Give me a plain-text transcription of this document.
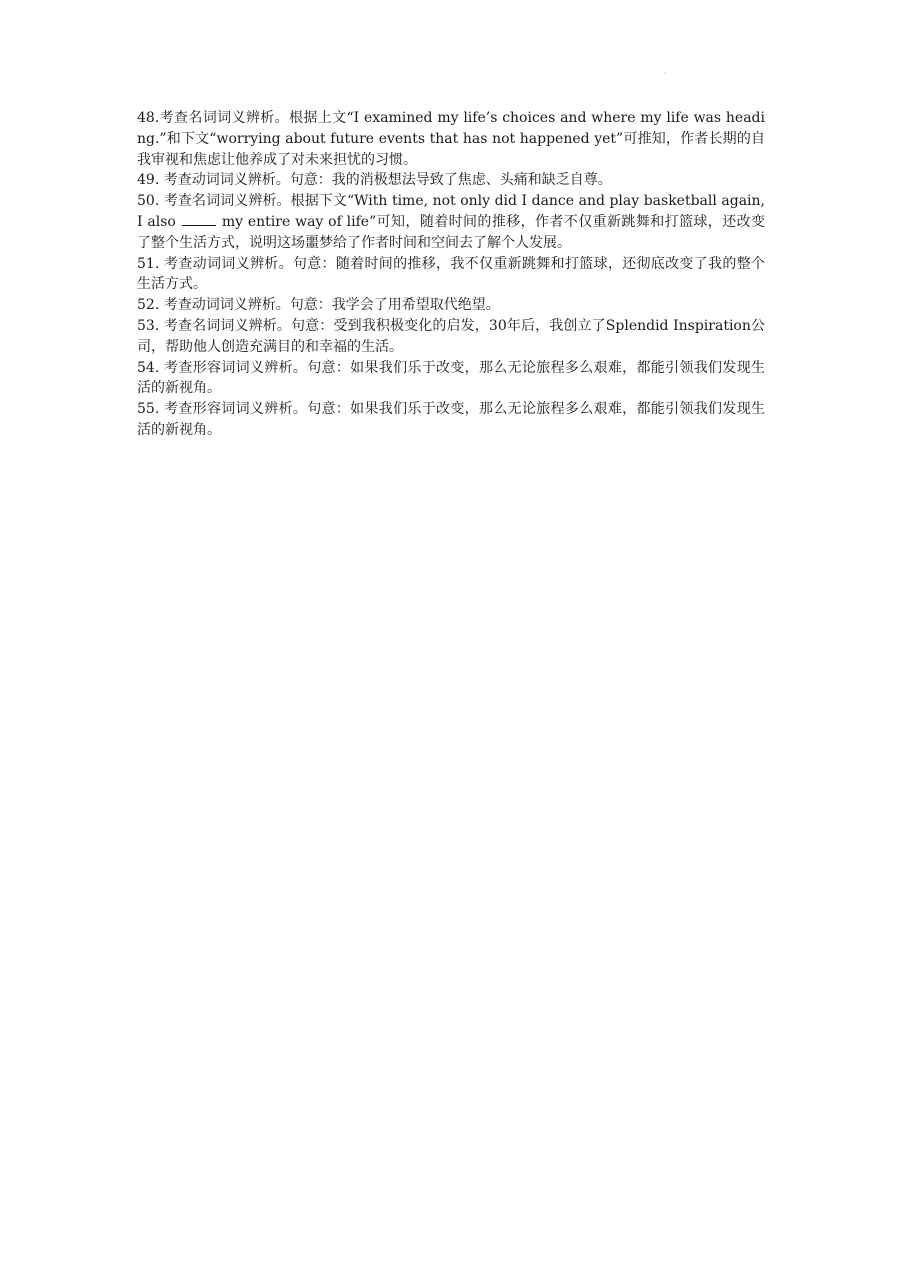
·

48.考查名词词义辨析。根据上文“I examined my life’s choices and where my life was heading.”和下文“worrying about future events that has not happened yet”可推知，作者长期的自我审视和焦虑让他养成了对未来担忧的习惯。

49. 考查动词词义辨析。句意：我的消极想法导致了焦虑、头痛和缺乏自尊。

50. 考查名词词义辨析。根据下文“With time, not only did I dance and play basketball again, I also	my entire way of life”可知，随着时间的推移，作者不仅重新跳舞和打篮球，还改变了整个生活方式，说明这场噩梦给了作者时间和空间去了解个人发展。

51. 考查动词词义辨析。句意：随着时间的推移，我不仅重新跳舞和打篮球，还彻底改变了我的整个生活方式。

52. 考查动词词义辨析。句意：我学会了用希望取代绝望。

53. 考查名词词义辨析。句意：受到我积极变化的启发，30年后，我创立了Splendid Inspiration公司，帮助他人创造充满目的和幸福的生活。

54. 考查形容词词义辨析。句意：如果我们乐于改变，那么无论旅程多么艰难，都能引领我们发现生活的新视角。

55. 考查形容词词义辨析。句意：如果我们乐于改变，那么无论旅程多么艰难，都能引领我们发现生活的新视角。
